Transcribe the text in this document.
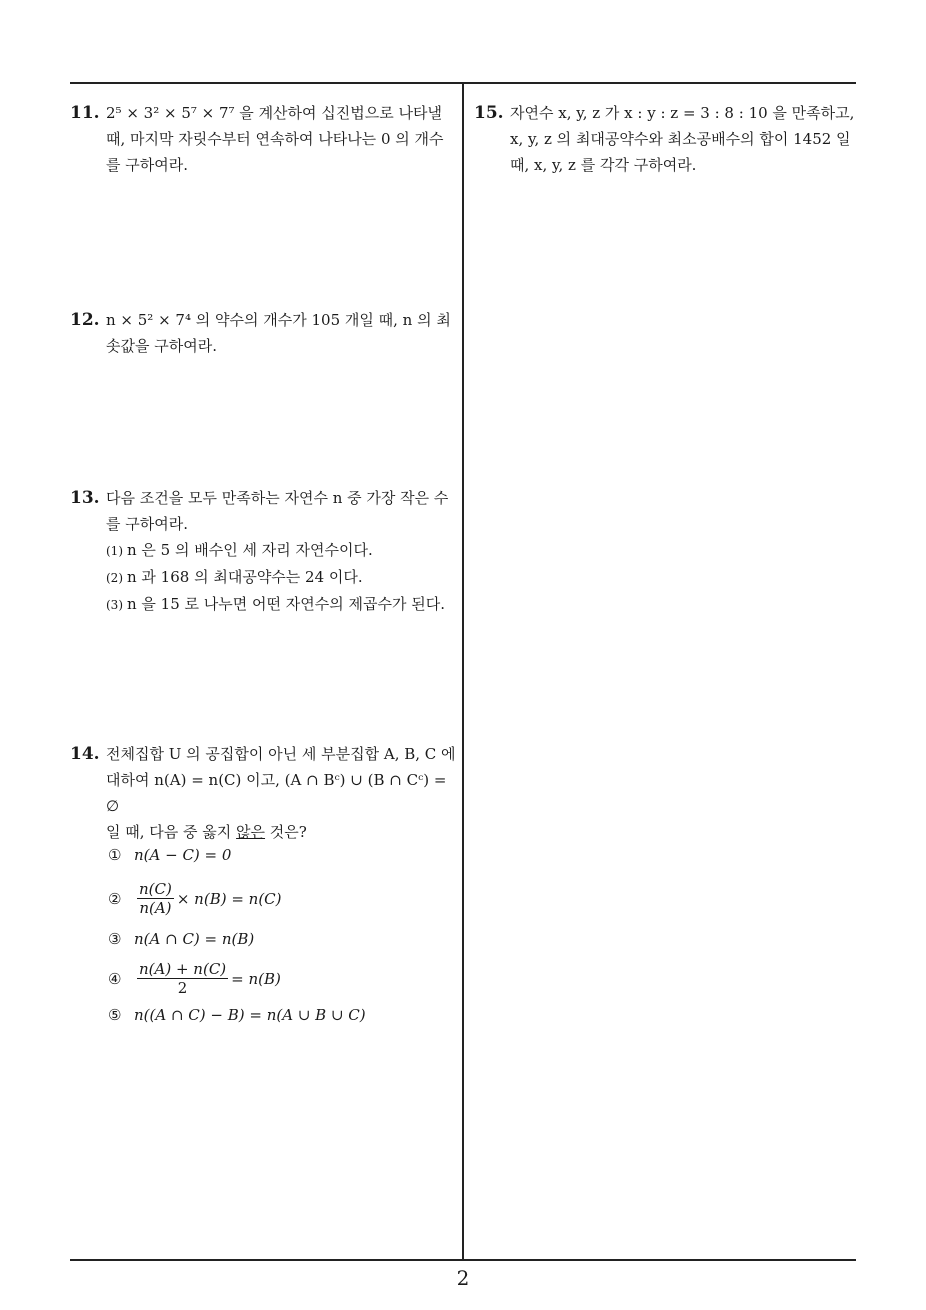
11. 2⁵ × 3² × 5⁷ × 7⁷ 을 계산하여 십진법으로 나타낼 때, 마지막 자릿수부터 연속하여 나타나는 0 의 개수를 구하여라.
12. n × 5² × 7⁴ 의 약수의 개수가 105 개일 때, n 의 최솟값을 구하여라.
13. 다음 조건을 모두 만족하는 자연수 n 중 가장 작은 수를 구하여라.
(1) n 은 5 의 배수인 세 자리 자연수이다.
(2) n 과 168 의 최대공약수는 24 이다.
(3) n 을 15 로 나누면 어떤 자연수의 제곱수가 된다.
14. 전체집합 U 의 공집합이 아닌 세 부분집합 A, B, C 에
대하여 n(A) = n(C) 이고, (A ∩ Bᶜ) ∪ (B ∩ Cᶜ) = ∅
일 때, 다음 중 옳지 않은 것은?
① n(A − C) = 0
②	$\frac{n(C)}{n(A)} \times n(B) = n(C)$
③ n(A ∩ C) = n(B)
④	$\frac{n(A) + n(C)}{2} = n(B)$
⑤ n((A ∩ C) − B) = n(A ∪ B ∪ C)
15. 자연수 x, y, z 가 x : y : z = 3 : 8 : 10 을 만족하고, x, y, z 의 최대공약수와 최소공배수의 합이 1452 일 때, x, y, z 를 각각 구하여라.
2
